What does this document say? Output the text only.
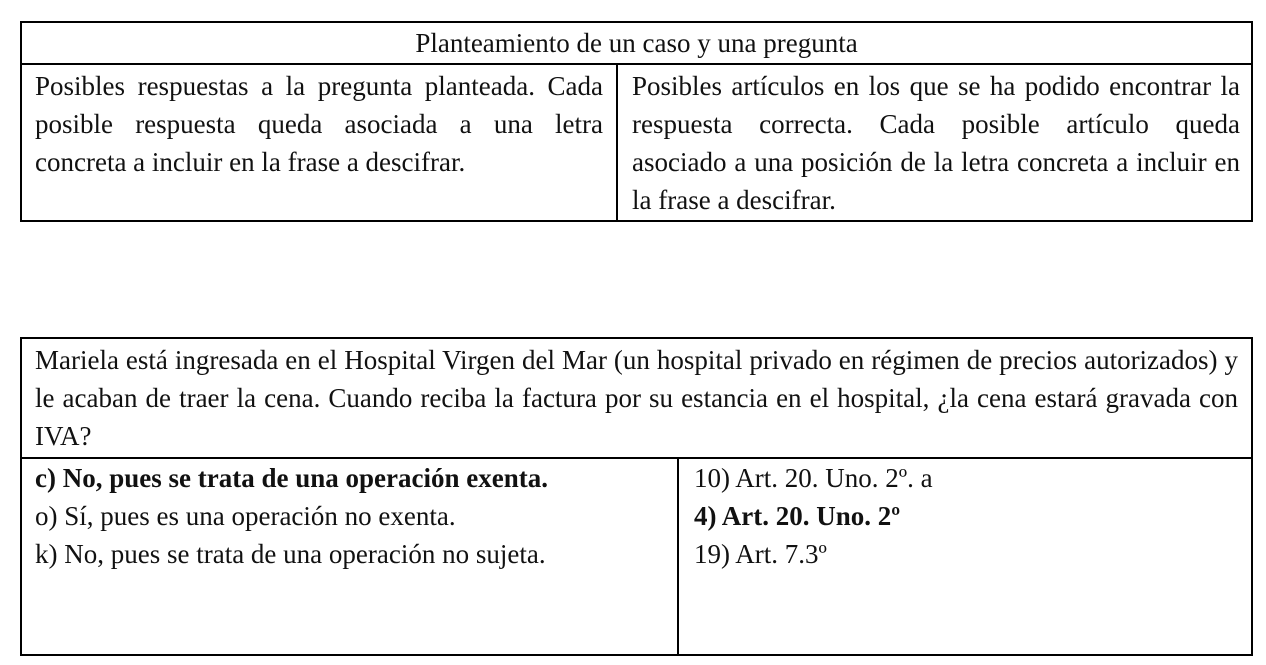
Planteamiento de un caso y una pregunta
Posibles respuestas a la pregunta planteada. Cada posible respuesta queda asociada a una letra concreta a incluir en la frase a descifrar.
Posibles artículos en los que se ha podido encontrar la respuesta correcta. Cada posible artículo queda asociado a una posición de la letra concreta a incluir en la frase a descifrar.
Mariela está ingresada en el Hospital Virgen del Mar (un hospital privado en régimen de precios autorizados) y le acaban de traer la cena. Cuando reciba la factura por su estancia en el hospital, ¿la cena estará gravada con IVA?
c) No, pues se trata de una operación exenta.
o) Sí, pues es una operación no exenta.
k) No, pues se trata de una operación no sujeta.
10) Art. 20. Uno. 2º. a
4) Art. 20. Uno. 2º
19) Art. 7.3º
